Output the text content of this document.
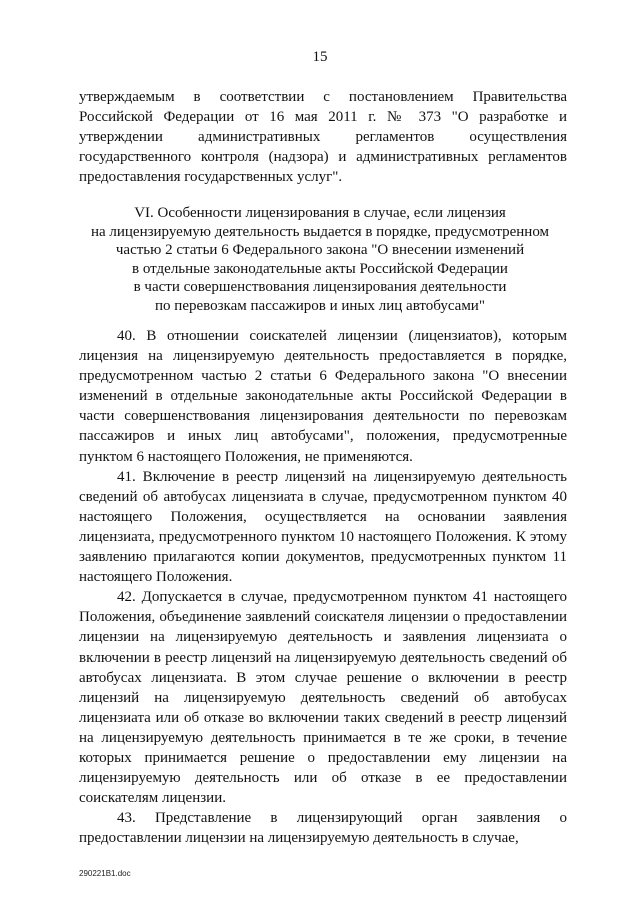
15
утверждаемым в соответствии с постановлением Правительства Российской Федерации от 16 мая 2011 г. № 373 "О разработке и утверждении административных регламентов осуществления государственного контроля (надзора) и административных регламентов предоставления государственных услуг".
VI. Особенности лицензирования в случае, если лицензия
на лицензируемую деятельность выдается в порядке, предусмотренном
частью 2 статьи 6 Федерального закона "О внесении изменений
в отдельные законодательные акты Российской Федерации
в части совершенствования лицензирования деятельности
по перевозкам пассажиров и иных лиц автобусами"

40. В отношении соискателей лицензии (лицензиатов), которым лицензия на лицензируемую деятельность предоставляется в порядке, предусмотренном частью 2 статьи 6 Федерального закона "О внесении изменений в отдельные законодательные акты Российской Федерации в части совершенствования лицензирования деятельности по перевозкам пассажиров и иных лиц автобусами", положения, предусмотренные пунктом 6 настоящего Положения, не применяются.

41. Включение в реестр лицензий на лицензируемую деятельность сведений об автобусах лицензиата в случае, предусмотренном пунктом 40 настоящего Положения, осуществляется на основании заявления лицензиата, предусмотренного пунктом 10 настоящего Положения. К этому заявлению прилагаются копии документов, предусмотренных пунктом 11 настоящего Положения.

42. Допускается в случае, предусмотренном пунктом 41 настоящего Положения, объединение заявлений соискателя лицензии о предоставлении лицензии на лицензируемую деятельность и заявления лицензиата о включении в реестр лицензий на лицензируемую деятельность сведений об автобусах лицензиата. В этом случае решение о включении в реестр лицензий на лицензируемую деятельность сведений об автобусах лицензиата или об отказе во включении таких сведений в реестр лицензий на лицензируемую деятельность принимается в те же сроки, в течение которых принимается решение о предоставлении ему лицензии на лицензируемую деятельность или об отказе в ее предоставлении соискателям лицензии.

43. Представление в лицензирующий орган заявления о предоставлении лицензии на лицензируемую деятельность в случае,

290221B1.doc
